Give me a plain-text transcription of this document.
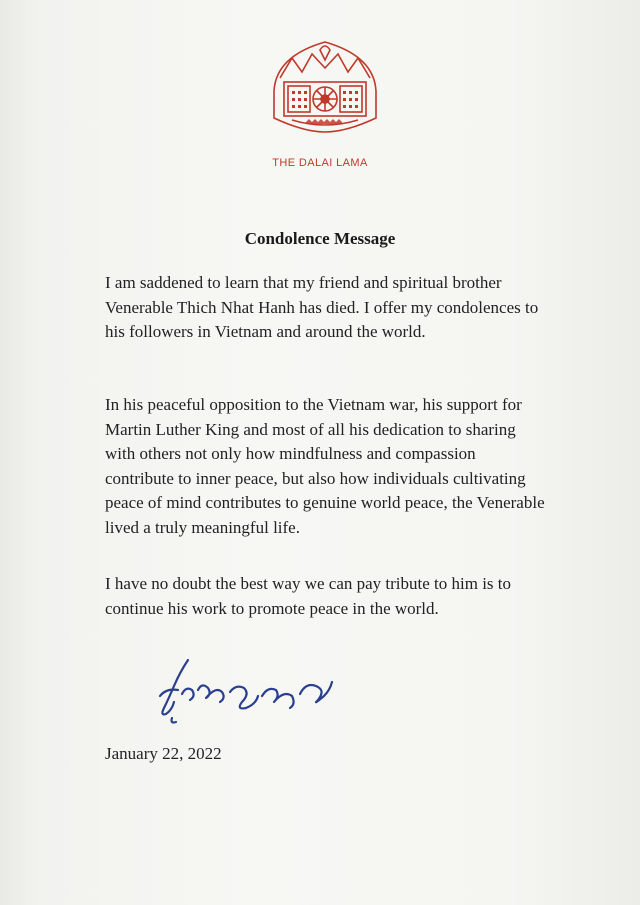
THE DALAI LAMA
Condolence Message

I am saddened to learn that my friend and spiritual brother Venerable Thich Nhat Hanh has died. I offer my condolences to his followers in Vietnam and around the world.

In his peaceful opposition to the Vietnam war, his support for Martin Luther King and most of all his dedication to sharing with others not only how mindfulness and compassion contribute to inner peace, but also how individuals cultivating peace of mind contributes to genuine world peace, the Venerable lived a truly meaningful life.

I have no doubt the best way we can pay tribute to him is to continue his work to promote peace in the world.

January 22, 2022
